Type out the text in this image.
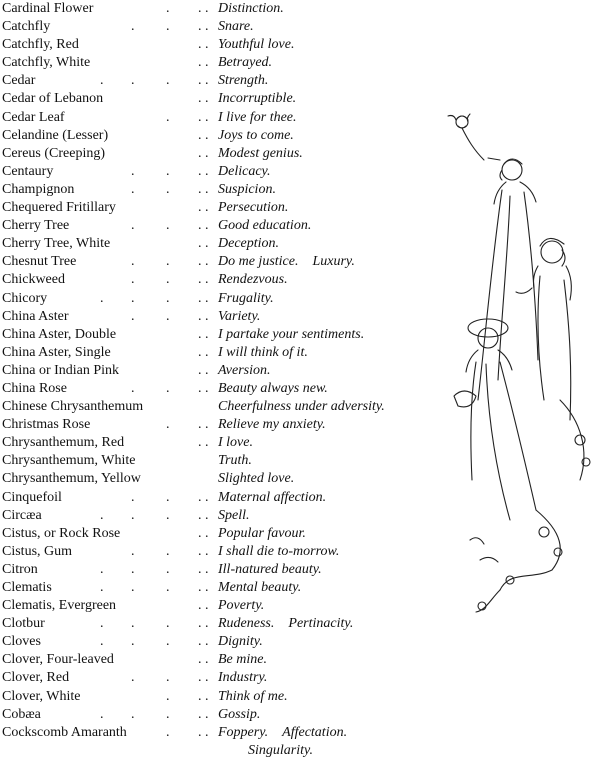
Cardinal Flower	. . . Distinction.
Catchfly	. . . . Snare.
Catchfly, Red	. . Youthful love.
Catchfly, White	. . Betrayed.
Cedar	. . . . . Strength.
Cedar of Lebanon	. . Incorruptible.
Cedar Leaf	. . . I live for thee.
Celandine (Lesser)	. . Joys to come.
Cereus (Creeping)	. . Modest genius.
Centaury	. . . . Delicacy.
Champignon	. . . . Suspicion.
Chequered Fritillary	. . Persecution.
Cherry Tree	. . . . Good education.
Cherry Tree, White	. . Deception.
Chesnut Tree	. . . . Do me justice. Luxury.
Chickweed	. . . . Rendezvous.
Chicory	. . . . . Frugality.
China Aster	. . . . Variety.
China Aster, Double	. . I partake your sentiments.
China Aster, Single	. . I will think of it.
China or Indian Pink	. . Aversion.
China Rose	. . . . Beauty always new.
Chinese Chrysanthemum	Cheerfulness under adversity.
Christmas Rose	. . . Relieve my anxiety.
Chrysanthemum, Red	. . I love.
Chrysanthemum, White	Truth.
Chrysanthemum, Yellow	Slighted love.
Cinquefoil	. . . . Maternal affection.
Circæa	. . . . . Spell.
Cistus, or Rock Rose	. . Popular favour.
Cistus, Gum	. . . . I shall die to-morrow.
Citron	. . . . . Ill-natured beauty.
Clematis	. . . . . Mental beauty.
Clematis, Evergreen	. . Poverty.
Clotbur	. . . . . Rudeness. Pertinacity.
Cloves	. . . . . Dignity.
Clover, Four-leaved	. . Be mine.
Clover, Red	. . . . Industry.
Clover, White	. . . Think of me.
Cobæa	. . . . . Gossip.
Cockscomb Amaranth	. . . Foppery. Affectation.
Singularity.
